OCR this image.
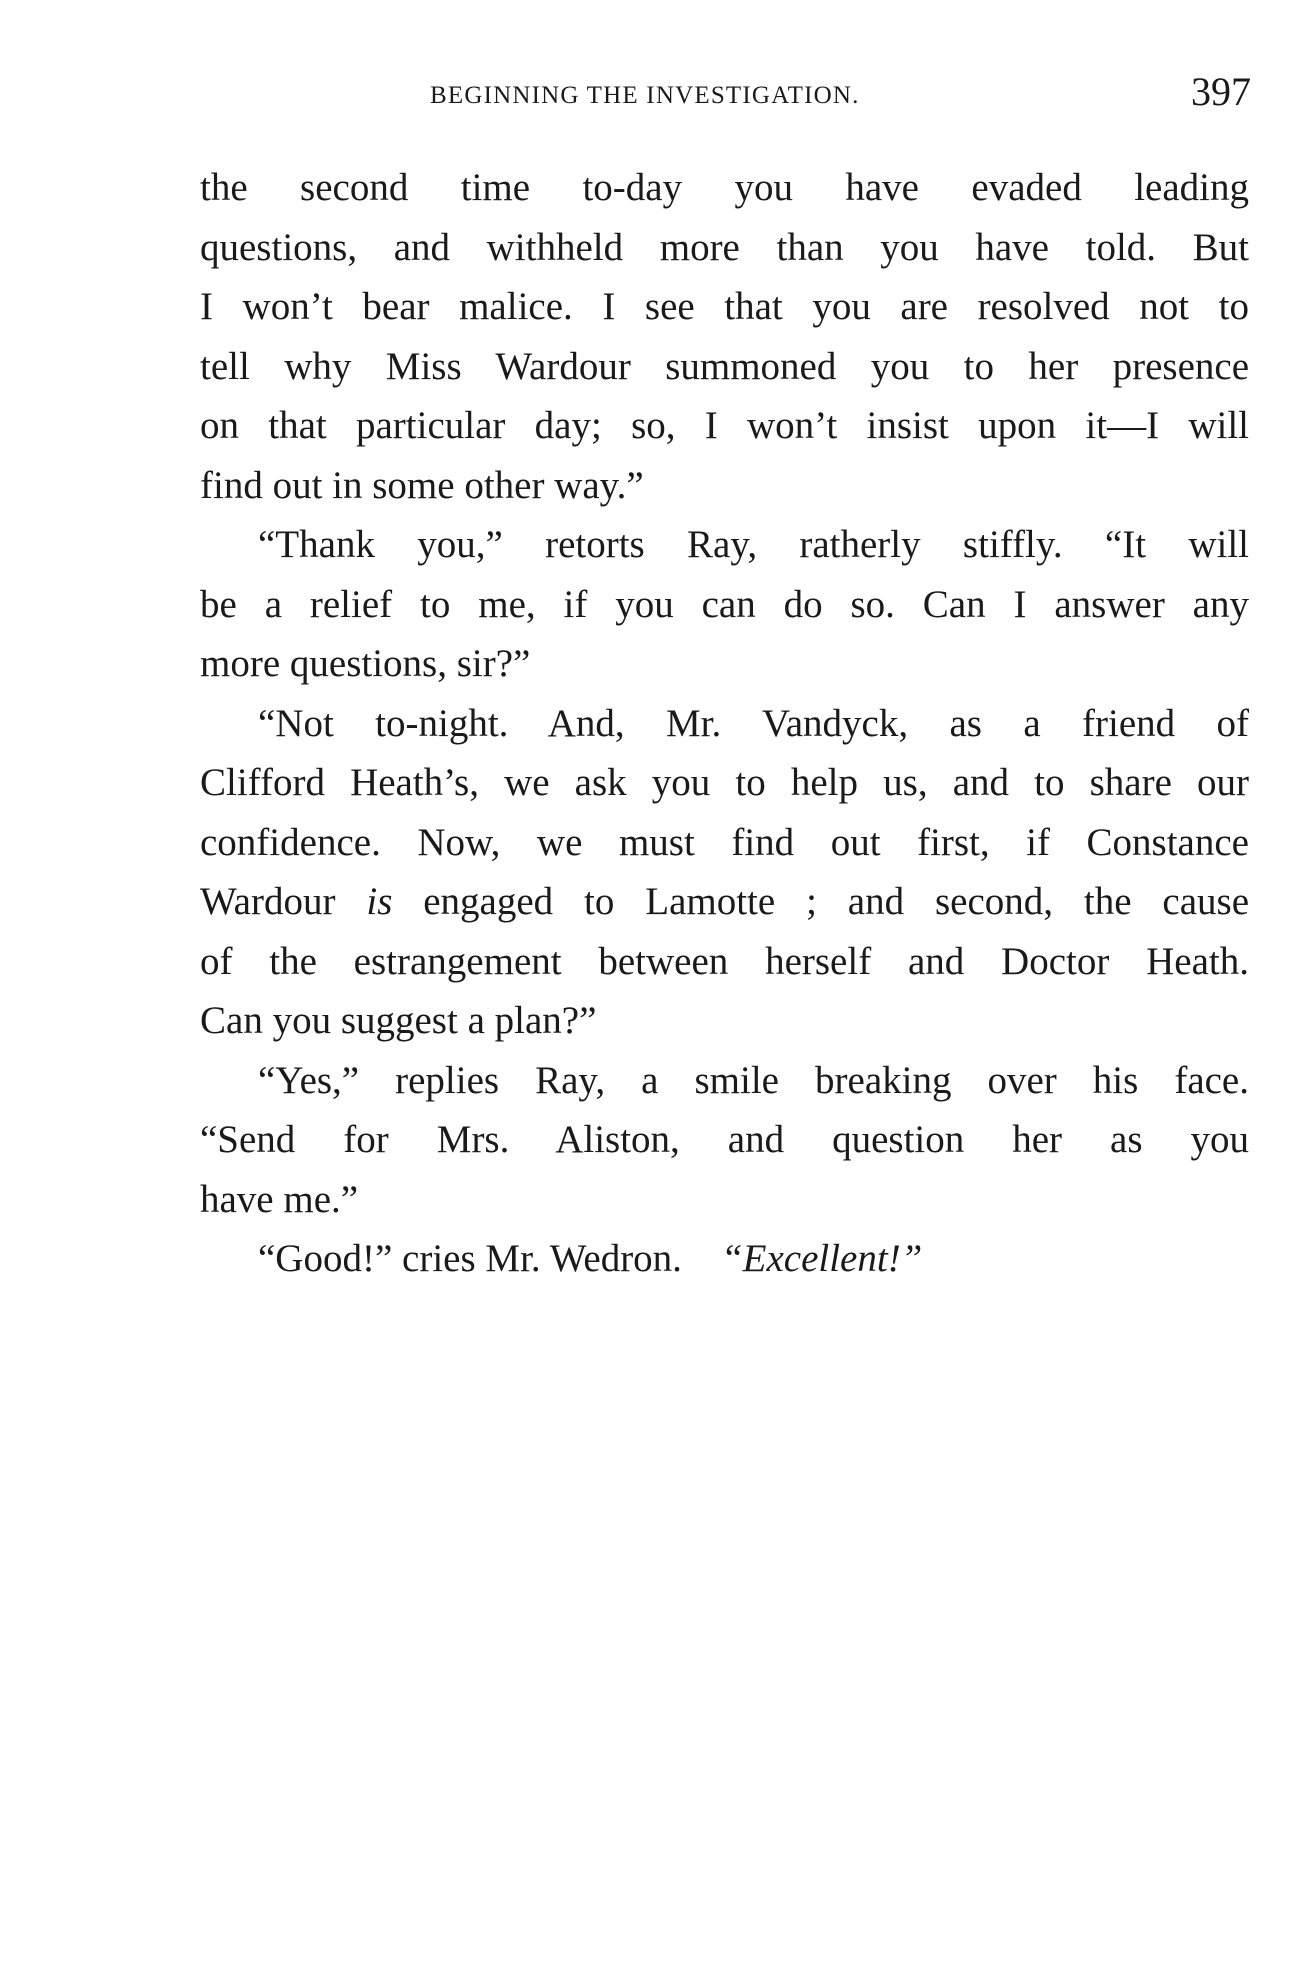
BEGINNING THE INVESTIGATION.	397
the second time to-day you have evaded leading
questions, and withheld more than you have told. But
I won’t bear malice. I see that you are resolved not to
tell why Miss Wardour summoned you to her presence
on that particular day; so, I won’t insist upon it—I will
find out in some other way.”
“Thank you,” retorts Ray, ratherly stiffly. “It will
be a relief to me, if you can do so. Can I answer any
more questions, sir?”
“Not to-night. And, Mr. Vandyck, as a friend of
Clifford Heath’s, we ask you to help us, and to share our
confidence. Now, we must find out first, if Constance
Wardour is engaged to Lamotte ; and second, the cause
of the estrangement between herself and Doctor Heath.
Can you suggest a plan?”
“Yes,” replies Ray, a smile breaking over his face.
“Send for Mrs. Aliston, and question her as you
have me.”
“Good!” cries Mr. Wedron. “Excellent!”
